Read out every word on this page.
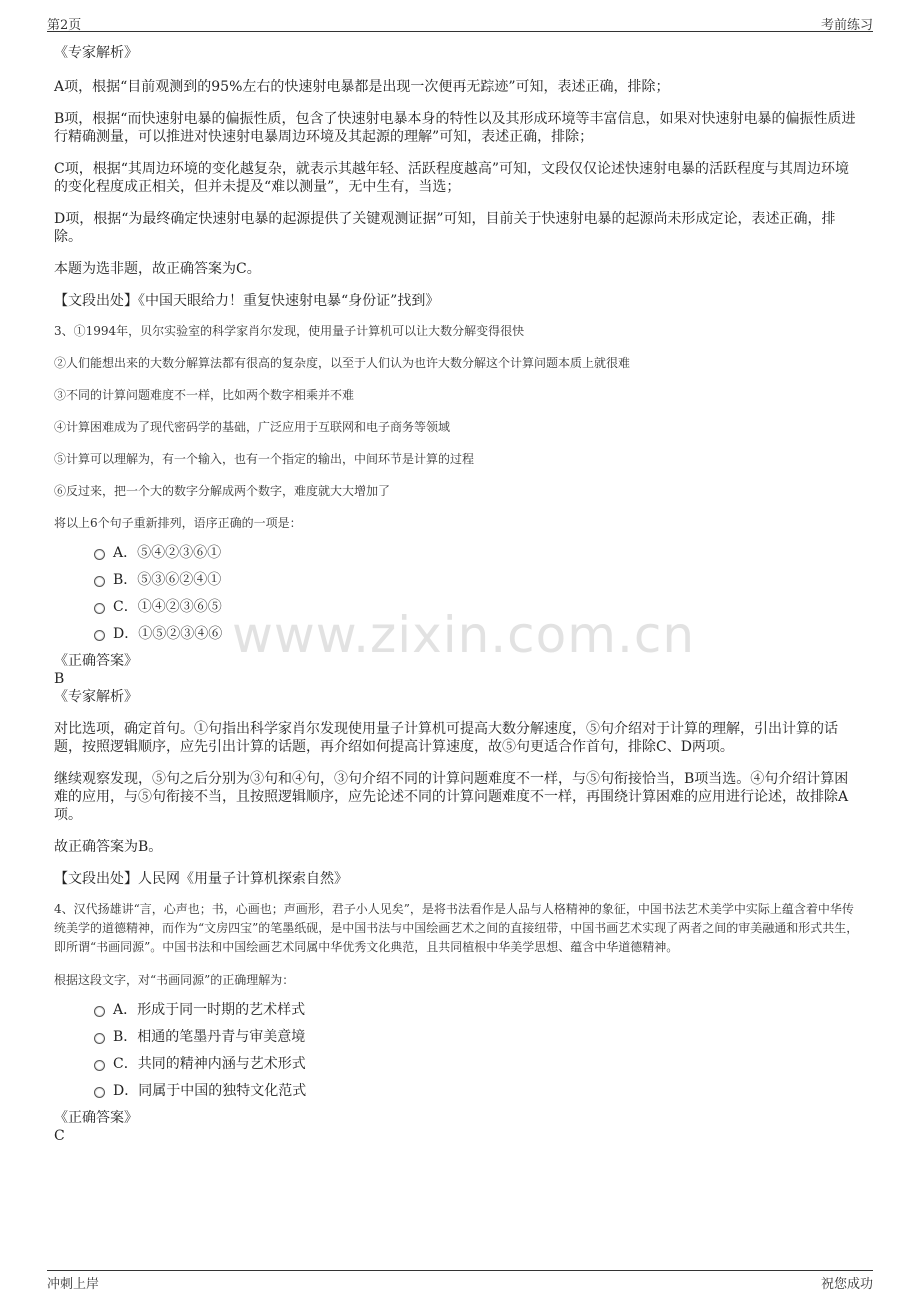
第2页	考前练习
www.zixin.com.cn
《专家解析》

A项，根据“目前观测到的95%左右的快速射电暴都是出现一次便再无踪迹”可知，表述正确，排除；

B项，根据“而快速射电暴的偏振性质，包含了快速射电暴本身的特性以及其形成环境等丰富信息，如果对快速射电暴的偏振性质进行精确测量，可以推进对快速射电暴周边环境及其起源的理解”可知，表述正确，排除；

C项，根据“其周边环境的变化越复杂，就表示其越年轻、活跃程度越高”可知，文段仅仅论述快速射电暴的活跃程度与其周边环境的变化程度成正相关，但并未提及“难以测量”，无中生有，当选；

D项，根据“为最终确定快速射电暴的起源提供了关键观测证据”可知，目前关于快速射电暴的起源尚未形成定论，表述正确，排除。

本题为选非题，故正确答案为C。

【文段出处】《中国天眼给力！重复快速射电暴“身份证”找到》

3、①1994年，贝尔实验室的科学家肖尔发现，使用量子计算机可以让大数分解变得很快
②人们能想出来的大数分解算法都有很高的复杂度，以至于人们认为也许大数分解这个计算问题本质上就很难
③不同的计算问题难度不一样，比如两个数字相乘并不难
④计算困难成为了现代密码学的基础，广泛应用于互联网和电子商务等领域
⑤计算可以理解为，有一个输入，也有一个指定的输出，中间环节是计算的过程
⑥反过来，把一个大的数字分解成两个数字，难度就大大增加了
将以上6个句子重新排列，语序正确的一项是：
A．⑤④②③⑥①
B．⑤③⑥②④①
C．①④②③⑥⑤
D．①⑤②③④⑥
《正确答案》
B
《专家解析》

对比选项，确定首句。①句指出科学家肖尔发现使用量子计算机可提高大数分解速度，⑤句介绍对于计算的理解，引出计算的话题，按照逻辑顺序，应先引出计算的话题，再介绍如何提高计算速度，故⑤句更适合作首句，排除C、D两项。

继续观察发现，⑤句之后分别为③句和④句，③句介绍不同的计算问题难度不一样，与⑤句衔接恰当，B项当选。④句介绍计算困难的应用，与⑤句衔接不当，且按照逻辑顺序，应先论述不同的计算问题难度不一样，再围绕计算困难的应用进行论述，故排除A项。

故正确答案为B。

【文段出处】人民网《用量子计算机探索自然》

4、汉代扬雄讲“言，心声也；书，心画也；声画形，君子小人见矣”，是将书法看作是人品与人格精神的象征，中国书法艺术美学中实际上蕴含着中华传统美学的道德精神，而作为“文房四宝”的笔墨纸砚，是中国书法与中国绘画艺术之间的直接纽带，中国书画艺术实现了两者之间的审美融通和形式共生，即所谓“书画同源”。中国书法和中国绘画艺术同属中华优秀文化典范，且共同植根中华美学思想、蕴含中华道德精神。
根据这段文字，对“书画同源”的正确理解为：
A．形成于同一时期的艺术样式
B．相通的笔墨丹青与审美意境
C．共同的精神内涵与艺术形式
D．同属于中国的独特文化范式
《正确答案》
C
冲刺上岸	祝您成功
